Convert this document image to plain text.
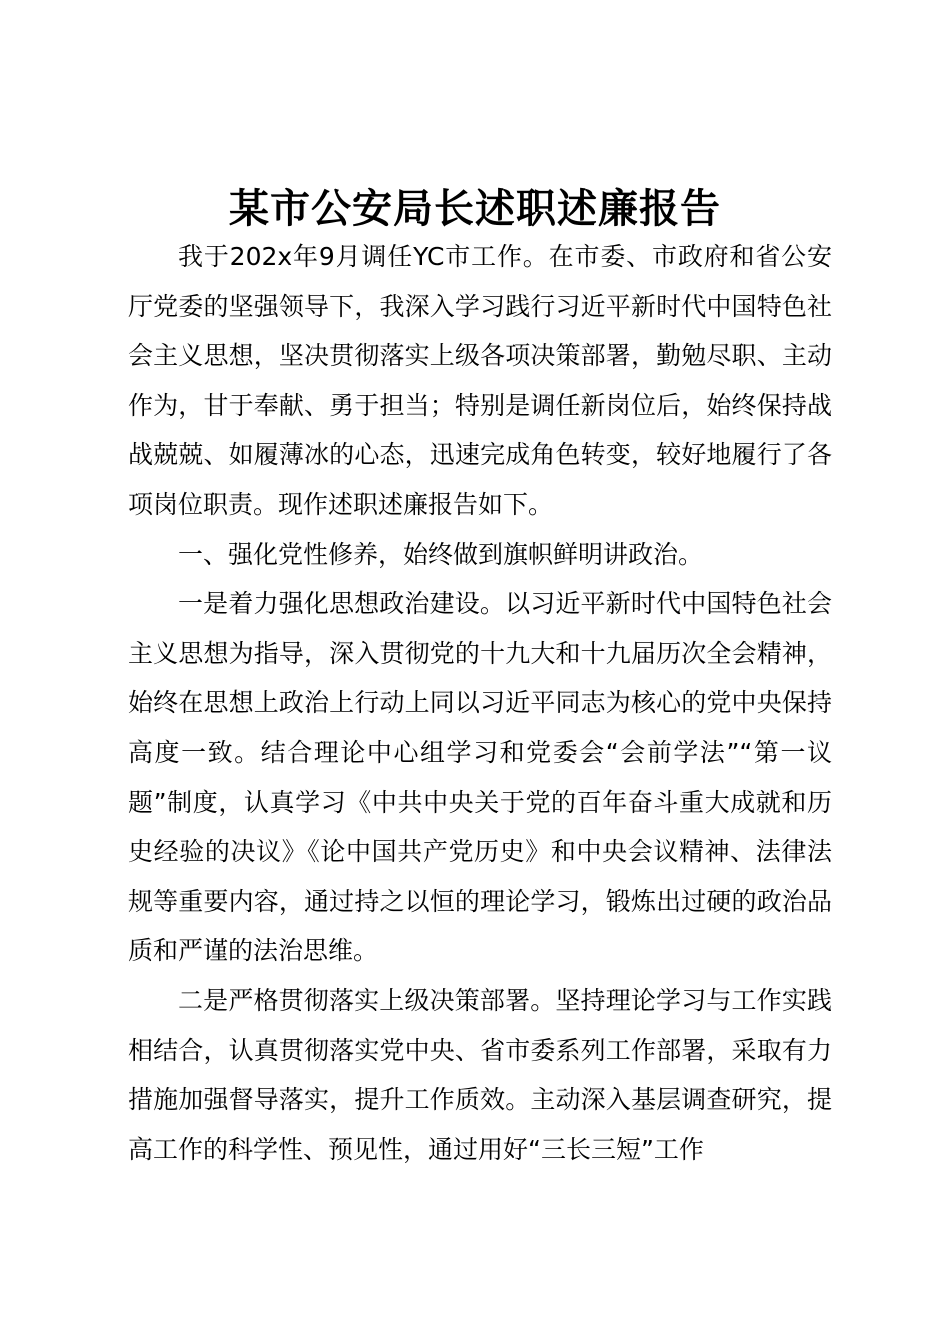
某市公安局长述职述廉报告

我于202x年9月调任YC市工作。在市委、市政府和省公安厅党委的坚强领导下，我深入学习践行习近平新时代中国特色社会主义思想，坚决贯彻落实上级各项决策部署，勤勉尽职、主动作为，甘于奉献、勇于担当；特别是调任新岗位后，始终保持战战兢兢、如履薄冰的心态，迅速完成角色转变，较好地履行了各项岗位职责。现作述职述廉报告如下。

一、强化党性修养，始终做到旗帜鲜明讲政治。

一是着力强化思想政治建设。以习近平新时代中国特色社会主义思想为指导，深入贯彻党的十九大和十九届历次全会精神，始终在思想上政治上行动上同以习近平同志为核心的党中央保持高度一致。结合理论中心组学习和党委会“会前学法”“第一议题”制度，认真学习《中共中央关于党的百年奋斗重大成就和历史经验的决议》《论中国共产党历史》和中央会议精神、法律法规等重要内容，通过持之以恒的理论学习，锻炼出过硬的政治品质和严谨的法治思维。

二是严格贯彻落实上级决策部署。坚持理论学习与工作实践相结合，认真贯彻落实党中央、省市委系列工作部署，采取有力措施加强督导落实，提升工作质效。主动深入基层调查研究，提高工作的科学性、预见性，通过用好“三长三短”工作
